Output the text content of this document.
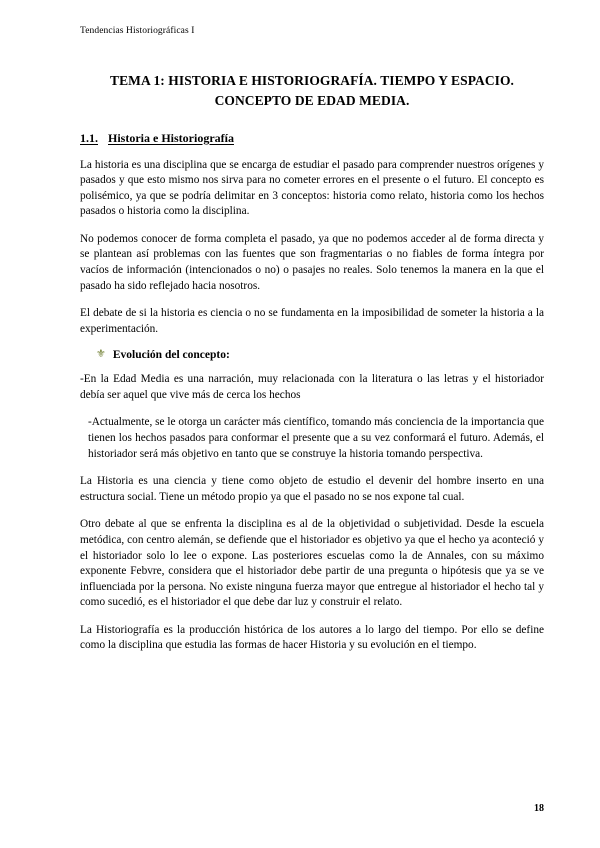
Tendencias Historiográficas I
TEMA 1: HISTORIA E HISTORIOGRAFÍA. TIEMPO Y ESPACIO. CONCEPTO DE EDAD MEDIA.
1.1. Historia e Historiografía

La historia es una disciplina que se encarga de estudiar el pasado para comprender nuestros orígenes y pasados y que esto mismo nos sirva para no cometer errores en el presente o el futuro. El concepto es polisémico, ya que se podría delimitar en 3 conceptos: historia como relato, historia como los hechos pasados o historia como la disciplina.

No podemos conocer de forma completa el pasado, ya que no podemos acceder al de forma directa y se plantean así problemas con las fuentes que son fragmentarias o no fiables de forma íntegra por vacíos de información (intencionados o no) o pasajes no reales. Solo tenemos la manera en la que el pasado ha sido reflejado hacia nosotros.

El debate de si la historia es ciencia o no se fundamenta en la imposibilidad de someter la historia a la experimentación.

⚜ Evolución del concepto:

-En la Edad Media es una narración, muy relacionada con la literatura o las letras y el historiador debía ser aquel que vive más de cerca los hechos

-Actualmente, se le otorga un carácter más científico, tomando más conciencia de la importancia que tienen los hechos pasados para conformar el presente que a su vez conformará el futuro. Además, el historiador será más objetivo en tanto que se construye la historia tomando perspectiva.

La Historia es una ciencia y tiene como objeto de estudio el devenir del hombre inserto en una estructura social. Tiene un método propio ya que el pasado no se nos expone tal cual.

Otro debate al que se enfrenta la disciplina es al de la objetividad o subjetividad. Desde la escuela metódica, con centro alemán, se defiende que el historiador es objetivo ya que el hecho ya aconteció y el historiador solo lo lee o expone. Las posteriores escuelas como la de Annales, con su máximo exponente Febvre, considera que el historiador debe partir de una pregunta o hipótesis que ya se ve influenciada por la persona. No existe ninguna fuerza mayor que entregue al historiador el hecho tal y como sucedió, es el historiador el que debe dar luz y construir el relato.

La Historiografía es la producción histórica de los autores a lo largo del tiempo. Por ello se define como la disciplina que estudia las formas de hacer Historia y su evolución en el tiempo.

18
